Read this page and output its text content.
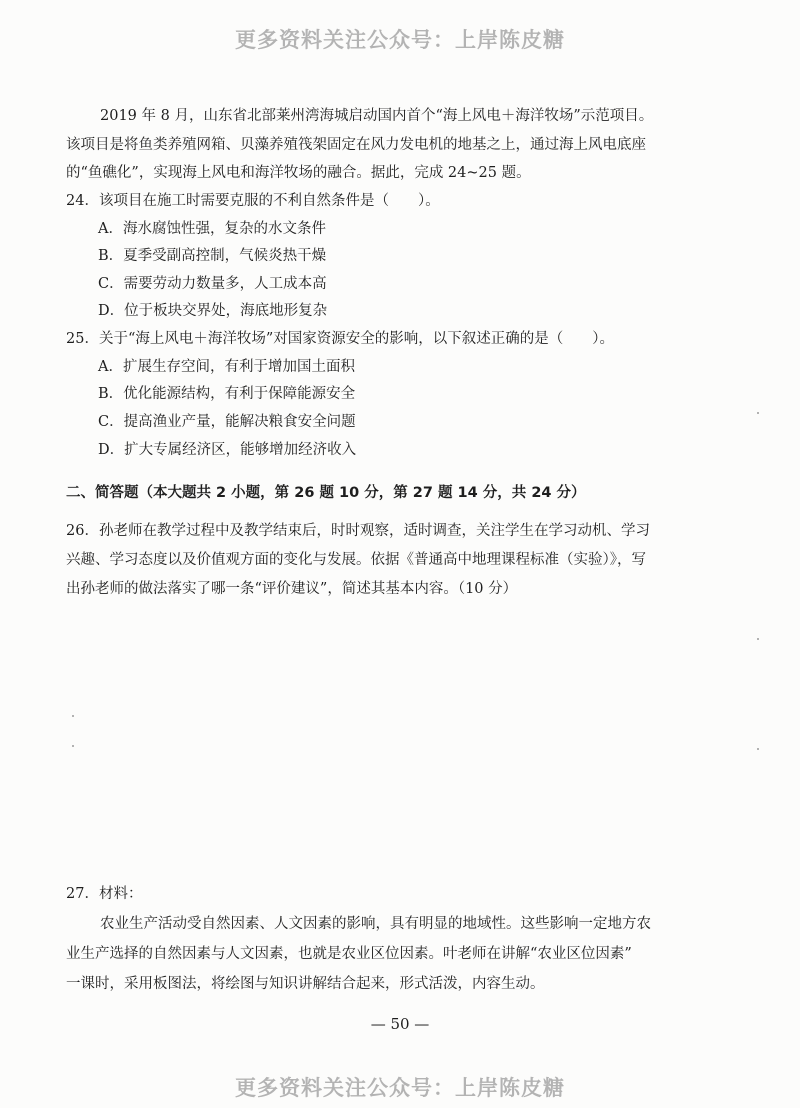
更多资料关注公众号：上岸陈皮糖
2019 年 8 月，山东省北部莱州湾海城启动国内首个“海上风电＋海洋牧场”示范项目。
该项目是将鱼类养殖网箱、贝藻养殖筏架固定在风力发电机的地基之上，通过海上风电底座
的“鱼礁化”，实现海上风电和海洋牧场的融合。据此，完成 24~25 题。
24．该项目在施工时需要克服的不利自然条件是（　　）。
A．海水腐蚀性强，复杂的水文条件
B．夏季受副高控制，气候炎热干燥
C．需要劳动力数量多，人工成本高
D．位于板块交界处，海底地形复杂
25．关于“海上风电＋海洋牧场”对国家资源安全的影响，以下叙述正确的是（　　）。
A．扩展生存空间，有利于增加国土面积
B．优化能源结构，有利于保障能源安全
C．提高渔业产量，能解决粮食安全问题
D．扩大专属经济区，能够增加经济收入
二、简答题（本大题共 2 小题，第 26 题 10 分，第 27 题 14 分，共 24 分）
26．孙老师在教学过程中及教学结束后，时时观察，适时调查，关注学生在学习动机、学习
兴趣、学习态度以及价值观方面的变化与发展。依据《普通高中地理课程标准（实验）》，写
出孙老师的做法落实了哪一条“评价建议”，简述其基本内容。（10 分）
27．材料：
农业生产活动受自然因素、人文因素的影响，具有明显的地域性。这些影响一定地方农
业生产选择的自然因素与人文因素，也就是农业区位因素。叶老师在讲解“农业区位因素”
一课时，采用板图法，将绘图与知识讲解结合起来，形式活泼，内容生动。
— 50 —
更多资料关注公众号：上岸陈皮糖
